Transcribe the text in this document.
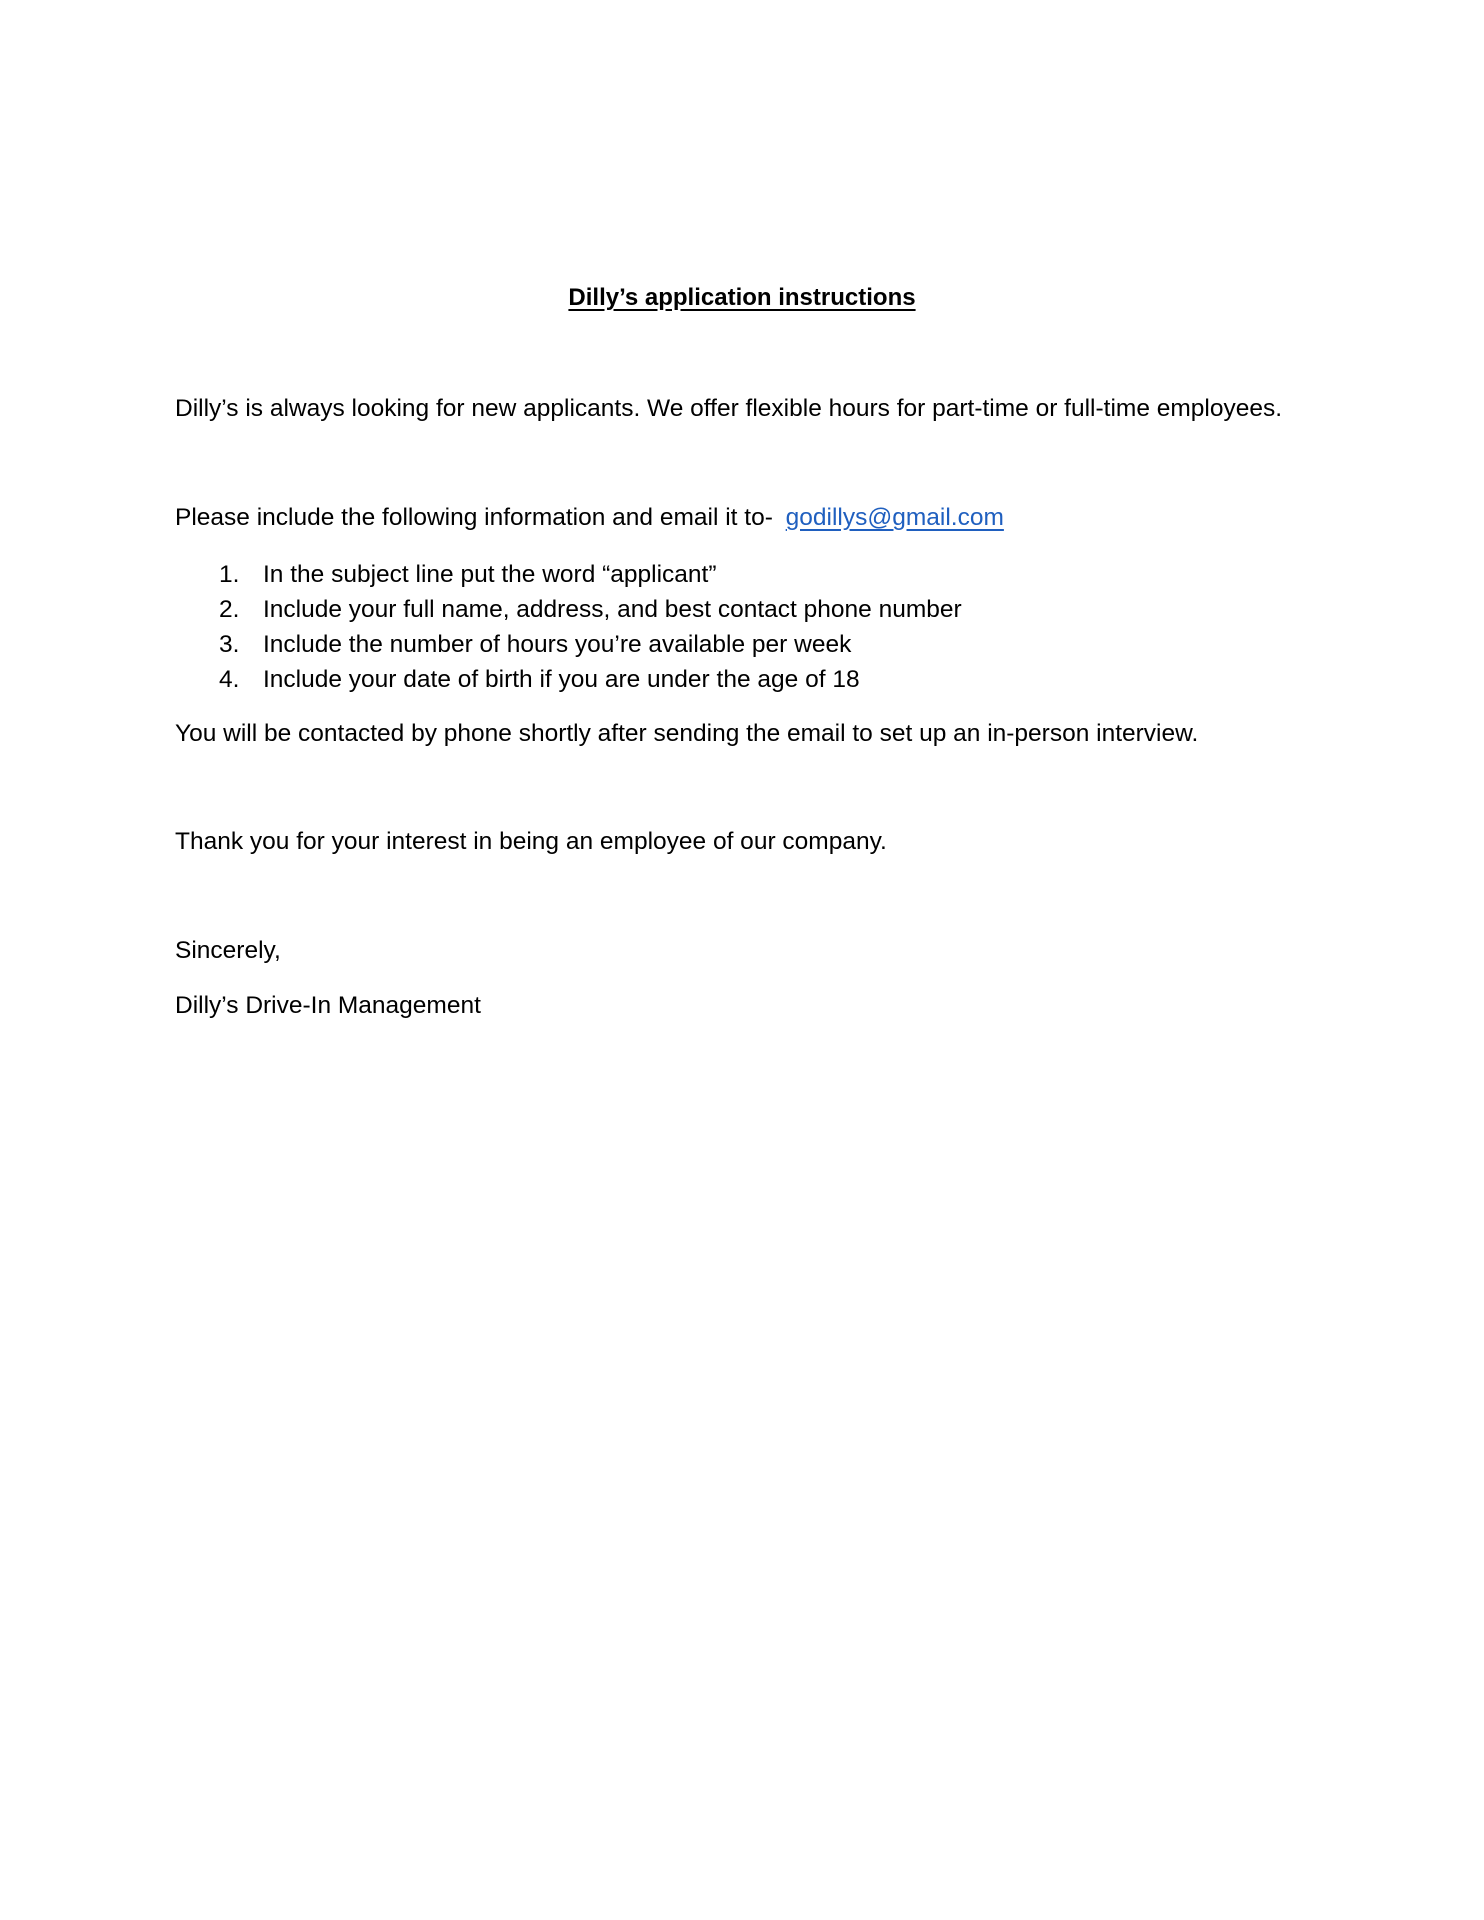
Dilly’s application instructions

Dilly’s is always looking for new applicants. We offer flexible hours for part-time or full-time employees.

Please include the following information and email it to- godillys@gmail.com

1. In the subject line put the word “applicant”
2. Include your full name, address, and best contact phone number
3. Include the number of hours you’re available per week
4. Include your date of birth if you are under the age of 18

You will be contacted by phone shortly after sending the email to set up an in-person interview.

Thank you for your interest in being an employee of our company.

Sincerely,

Dilly’s Drive-In Management
